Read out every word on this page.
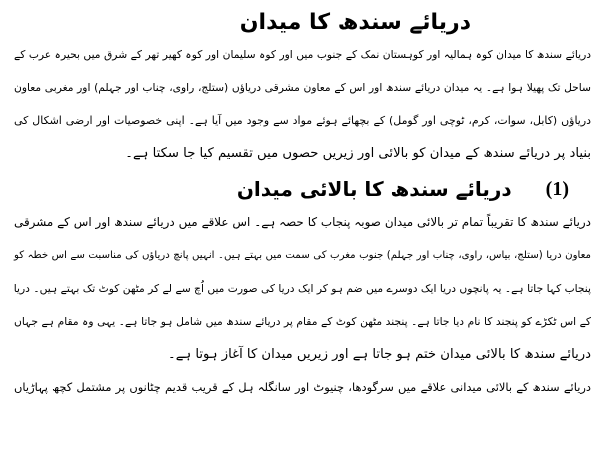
دریائے سندھ کا میدان
دریائے سندھ کا میدان کوہ ہمالیہ اور کوہستان نمک کے جنوب میں اور کوہ سلیمان اور کوہ کھیر تھر کے شرق میں بحیرہ عرب کے
ساحل تک پھیلا ہوا ہے۔ یہ میدان دریائے سندھ اور اس کے معاون مشرقی دریاؤں (ستلج، راوی، چناب اور جہلم) اور مغربی معاون
دریاؤں (کابل، سوات، کرم، ٹوچی اور گومل) کے بچھائے ہوئے مواد سے وجود میں آیا ہے۔ اپنی خصوصیات اور ارضی اشکال کی
بنیاد پر دریائے سندھ کے میدان کو بالائی اور زیریں حصوں میں تقسیم کیا جا سکتا ہے۔
(1)
دریائے سندھ کا بالائی میدان
دریائے سندھ کا تقریباً تمام تر بالائی میدان صوبہ پنجاب کا حصہ ہے۔ اس علاقے میں دریائے سندھ اور اس کے مشرقی
معاون دریا (ستلج، بیاس، راوی، چناب اور جہلم) جنوب مغرب کی سمت میں بہتے ہیں۔ انہیں پانچ دریاؤں کی مناسبت سے اس خطہ کو
پنجاب کہا جاتا ہے۔ یہ پانچوں دریا ایک دوسرے میں ضم ہو کر ایک دریا کی صورت میں اُچ سے لے کر مٹھن کوٹ تک بہتے ہیں۔ دریا
کے اس ٹکڑے کو پنجند کا نام دیا جاتا ہے۔ پنجند مٹھن کوٹ کے مقام پر دریائے سندھ میں شامل ہو جاتا ہے۔ یہی وہ مقام ہے جہاں
دریائے سندھ کا بالائی میدان ختم ہو جاتا ہے اور زیریں میدان کا آغاز ہوتا ہے۔
دریائے سندھ کے بالائی میدانی علاقے میں سرگودھا، چنیوٹ اور سانگلہ ہل کے قریب قدیم چٹانوں پر مشتمل کچھ پہاڑیاں
